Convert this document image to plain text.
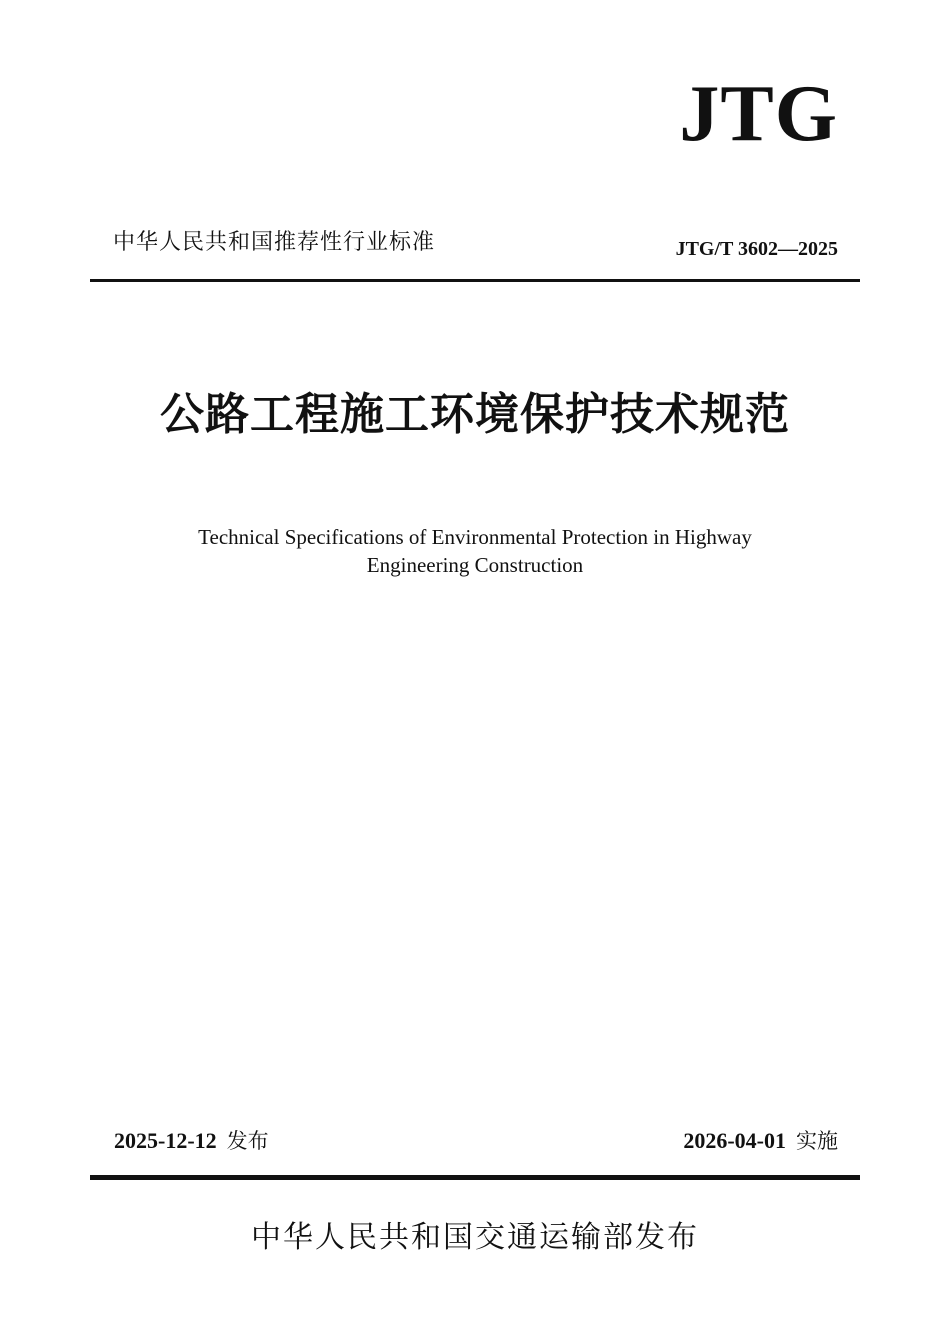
JTG
中华人民共和国推荐性行业标准	JTG/T 3602—2025
公路工程施工环境保护技术规范
Technical Specifications of Environmental Protection in Highway
Engineering Construction
2025-12-12 发布	2026-04-01 实施
中华人民共和国交通运输部发布
